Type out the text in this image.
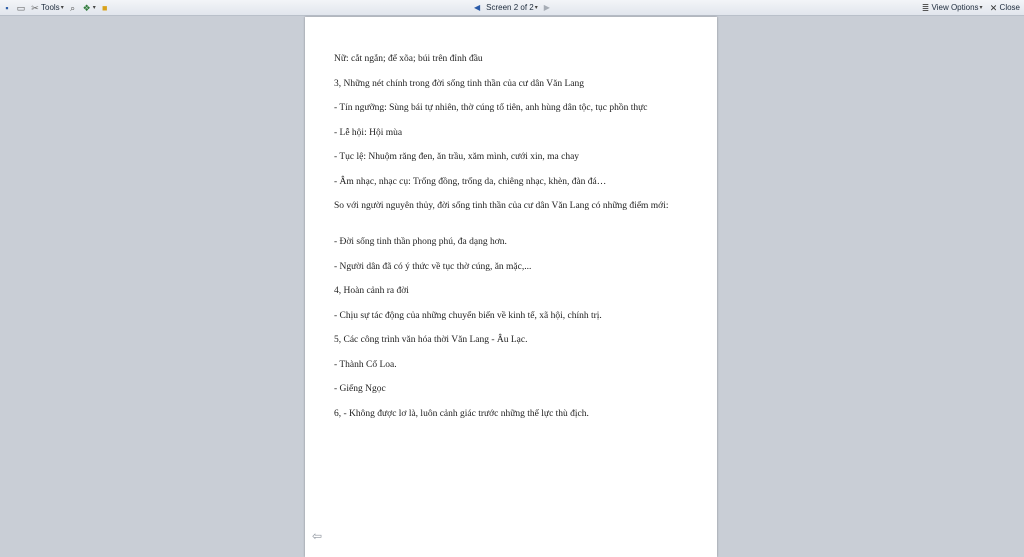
▪ ▭ ✂ Tools ▾ ⌕ ❖ ▾ ■	◀ Screen 2 of 2 ▾ ▶	≣ View Options ▾ ✕ Close

Nữ: cắt ngắn; để xõa; búi trên đỉnh đầu

3, Những nét chính trong đời sống tinh thần của cư dân Văn Lang

- Tín ngưỡng: Sùng bái tự nhiên, thờ cúng tổ tiên, anh hùng dân tộc, tục phồn thực

- Lễ hội: Hội mùa

- Tục lệ: Nhuộm răng đen, ăn trầu, xăm mình, cưới xin, ma chay

- Âm nhạc, nhạc cụ: Trống đồng, trống da, chiêng nhạc, khèn, đàn đá…

So với người nguyên thủy, đời sống tinh thần của cư dân Văn Lang có những điểm mới:

- Đời sống tinh thần phong phú, đa dạng hơn.

- Người dân đã có ý thức về tục thờ cúng, ăn mặc,...

4, Hoàn cảnh ra đời

- Chịu sự tác động của những chuyển biến về kinh tế, xã hội, chính trị.

5, Các công trình văn hóa thời Văn Lang - Âu Lạc.

- Thành Cổ Loa.

- Giếng Ngọc

6, - Không được lơ là, luôn cảnh giác trước những thế lực thù địch.

⇦
